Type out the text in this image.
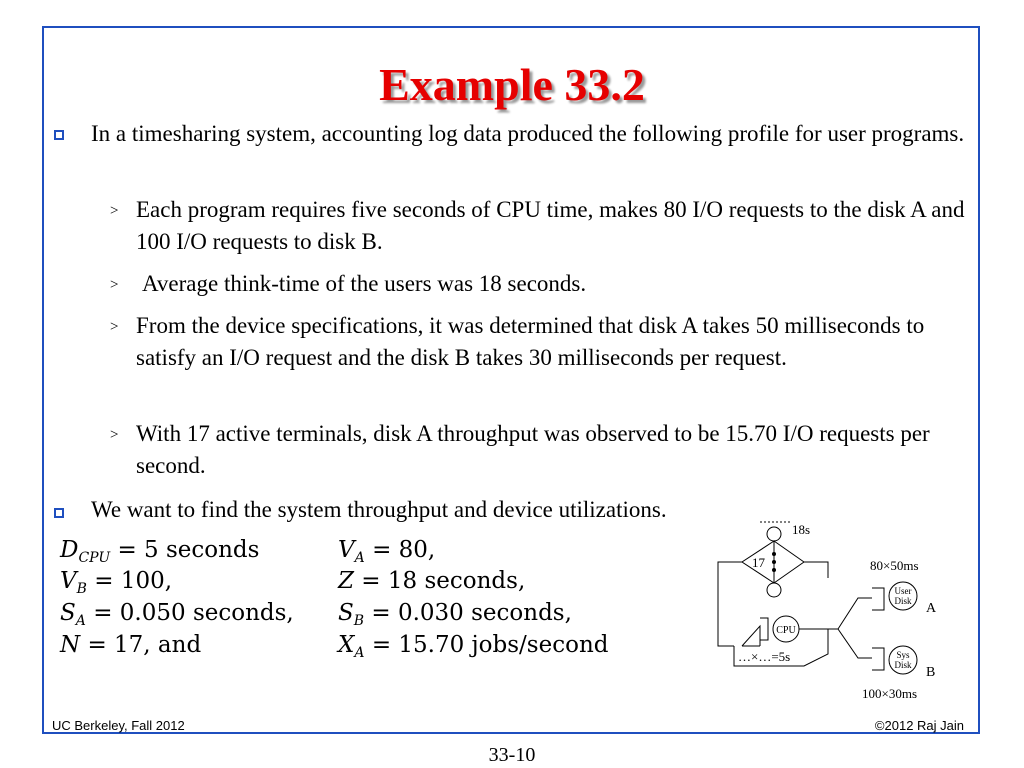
Example 33.2
In a timesharing system, accounting log data produced the following profile for user programs.
> Each program requires five seconds of CPU time, makes 80 I/O requests to the disk A and 100 I/O requests to disk B.
> Average think-time of the users was 18 seconds.
> From the device specifications, it was determined that disk A takes 50 milliseconds to satisfy an I/O request and the disk B takes 30 milliseconds per request.
> With 17 active terminals, disk A throughput was observed to be 15.70 I/O requests per second.
We want to find the system throughput and device utilizations.
$D_{CPU} = 5$ seconds	$V_A = 80$,
$V_B = 100$,	Z = 18 seconds,
$S_A = 0.050$ seconds, $S_B = 0.030$ seconds,
N = 17, and	$X_A = 15.70$ jobs/second
18s
17
CPU
…×…=5s
User
Disk A
80×50ms
Sys
Disk B
100×30ms
UC Berkeley, Fall 2012	©2012 Raj Jain
33-10
